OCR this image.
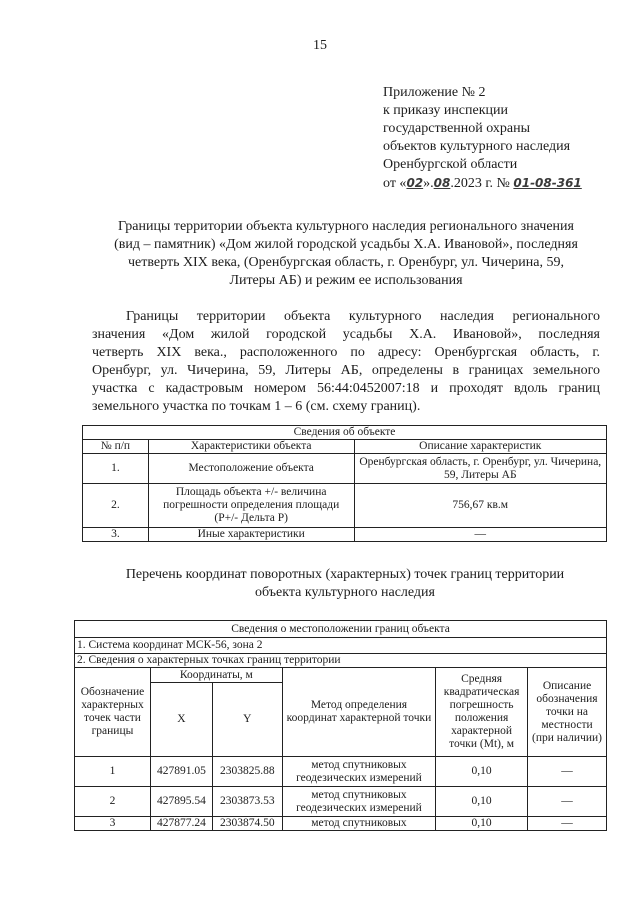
15
Приложение № 2
к приказу инспекции
государственной охраны
объектов культурного наследия
Оренбургской области
от «02».08.2023 г. № 01-08-361
Границы территории объекта культурного наследия регионального значения
(вид – памятник) «Дом жилой городской усадьбы Х.А. Ивановой», последняя
четверть XIX века, (Оренбургская область, г. Оренбург, ул. Чичерина, 59,
Литеры АБ) и режим ее использования
Границы территории объекта культурного наследия регионального
значения «Дом жилой городской усадьбы Х.А. Ивановой», последняя
четверть XIX века., расположенного по адресу: Оренбургская область, г.
Оренбург, ул. Чичерина, 59, Литеры АБ, определены в границах земельного
участка с кадастровым номером 56:44:0452007:18 и проходят вдоль границ
земельного участка по точкам 1 – 6 (см. схему границ).
Сведения об объекте		
№ п/п	Характеристики объекта	Описание характеристик
1.	Местоположение объекта	Оренбургская область, г. Оренбург, ул. Чичерина, 59, Литеры АБ
2.	Площадь объекта +/- величина погрешности определения площади (P+/- Дельта P)	756,67 кв.м
3.	Иные характеристики	—
Перечень координат поворотных (характерных) точек границ территории
объекта культурного наследия
Сведения о местоположении границ объекта					
1. Система координат МСК-56, зона 2					
2. Сведения о характерных точках границ территории					
Обозначение характерных точек части границы	Координаты, м		Метод определения координат характерной точки	Средняя квадратическая погрешность положения характерной точки (Mt), м	Описание обозначения точки на местности (при наличии)
	X	Y			
1	427891.05	2303825.88	метод спутниковых геодезических измерений	0,10	—
2	427895.54	2303873.53	метод спутниковых геодезических измерений	0,10	—
3	427877.24	2303874.50	метод спутниковых	0,10	—
